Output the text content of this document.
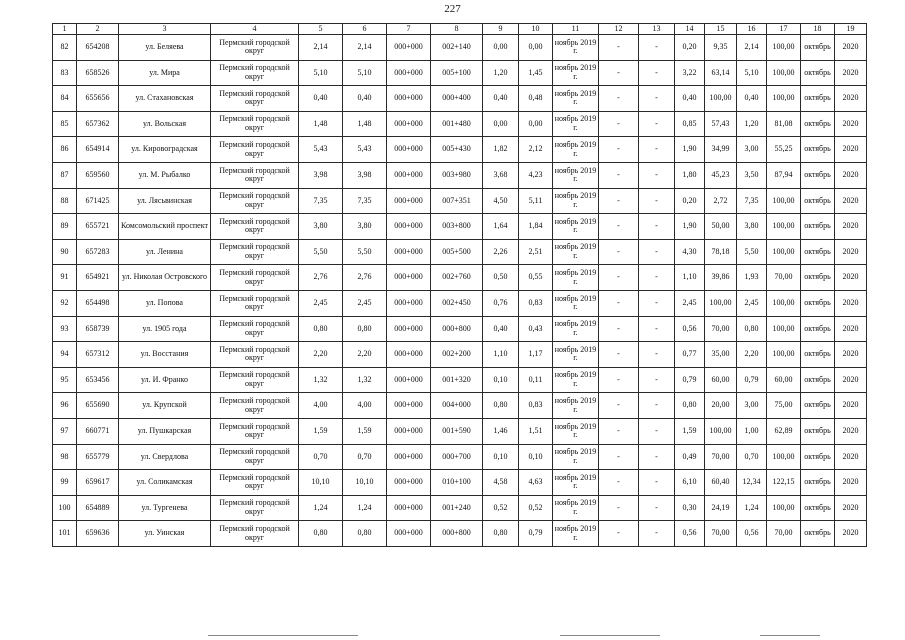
227
1	2	3	4	5	6	7	8	9	10	11	12	13	14	15	16	17	18	19
82	654208	ул. Беляева	Пермский городской округ	2,14	2,14	000+000	002+140	0,00	0,00	ноябрь 2019 г.	-	-	0,20	9,35	2,14	100,00	октябрь	2020
83	658526	ул. Мира	Пермский городской округ	5,10	5,10	000+000	005+100	1,20	1,45	ноябрь 2019 г.	-	-	3,22	63,14	5,10	100,00	октябрь	2020
84	655656	ул. Стахановская	Пермский городской округ	0,40	0,40	000+000	000+400	0,40	0,48	ноябрь 2019 г.	-	-	0,40	100,00	0,40	100,00	октябрь	2020
85	657362	ул. Вольская	Пермский городской округ	1,48	1,48	000+000	001+480	0,00	0,00	ноябрь 2019 г.	-	-	0,85	57,43	1,20	81,08	октябрь	2020
86	654914	ул. Кировоградская	Пермский городской округ	5,43	5,43	000+000	005+430	1,82	2,12	ноябрь 2019 г.	-	-	1,90	34,99	3,00	55,25	октябрь	2020
87	659560	ул. М. Рыбалко	Пермский городской округ	3,98	3,98	000+000	003+980	3,68	4,23	ноябрь 2019 г.	-	-	1,80	45,23	3,50	87,94	октябрь	2020
88	671425	ул. Лясьвинская	Пермский городской округ	7,35	7,35	000+000	007+351	4,50	5,11	ноябрь 2019 г.	-	-	0,20	2,72	7,35	100,00	октябрь	2020
89	655721	Комсомольский проспект	Пермский городской округ	3,80	3,80	000+000	003+800	1,64	1,84	ноябрь 2019 г.	-	-	1,90	50,00	3,80	100,00	октябрь	2020
90	657283	ул. Ленина	Пермский городской округ	5,50	5,50	000+000	005+500	2,26	2,51	ноябрь 2019 г.	-	-	4,30	78,18	5,50	100,00	октябрь	2020
91	654921	ул. Николая Островского	Пермский городской округ	2,76	2,76	000+000	002+760	0,50	0,55	ноябрь 2019 г.	-	-	1,10	39,86	1,93	70,00	октябрь	2020
92	654498	ул. Попова	Пермский городской округ	2,45	2,45	000+000	002+450	0,76	0,83	ноябрь 2019 г.	-	-	2,45	100,00	2,45	100,00	октябрь	2020
93	658739	ул. 1905 года	Пермский городской округ	0,80	0,80	000+000	000+800	0,40	0,43	ноябрь 2019 г.	-	-	0,56	70,00	0,80	100,00	октябрь	2020
94	657312	ул. Восстания	Пермский городской округ	2,20	2,20	000+000	002+200	1,10	1,17	ноябрь 2019 г.	-	-	0,77	35,00	2,20	100,00	октябрь	2020
95	653456	ул. И. Франко	Пермский городской округ	1,32	1,32	000+000	001+320	0,10	0,11	ноябрь 2019 г.	-	-	0,79	60,00	0,79	60,00	октябрь	2020
96	655690	ул. Крупской	Пермский городской округ	4,00	4,00	000+000	004+000	0,80	0,83	ноябрь 2019 г.	-	-	0,80	20,00	3,00	75,00	октябрь	2020
97	660771	ул. Пушкарская	Пермский городской округ	1,59	1,59	000+000	001+590	1,46	1,51	ноябрь 2019 г.	-	-	1,59	100,00	1,00	62,89	октябрь	2020
98	655779	ул. Свердлова	Пермский городской округ	0,70	0,70	000+000	000+700	0,10	0,10	ноябрь 2019 г.	-	-	0,49	70,00	0,70	100,00	октябрь	2020
99	659617	ул. Соликамская	Пермский городской округ	10,10	10,10	000+000	010+100	4,58	4,63	ноябрь 2019 г.	-	-	6,10	60,40	12,34	122,15	октябрь	2020
100	654889	ул. Тургенева	Пермский городской округ	1,24	1,24	000+000	001+240	0,52	0,52	ноябрь 2019 г.	-	-	0,30	24,19	1,24	100,00	октябрь	2020
101	659636	ул. Уинская	Пермский городской округ	0,80	0,80	000+000	000+800	0,80	0,79	ноябрь 2019 г.	-	-	0,56	70,00	0,56	70,00	октябрь	2020
